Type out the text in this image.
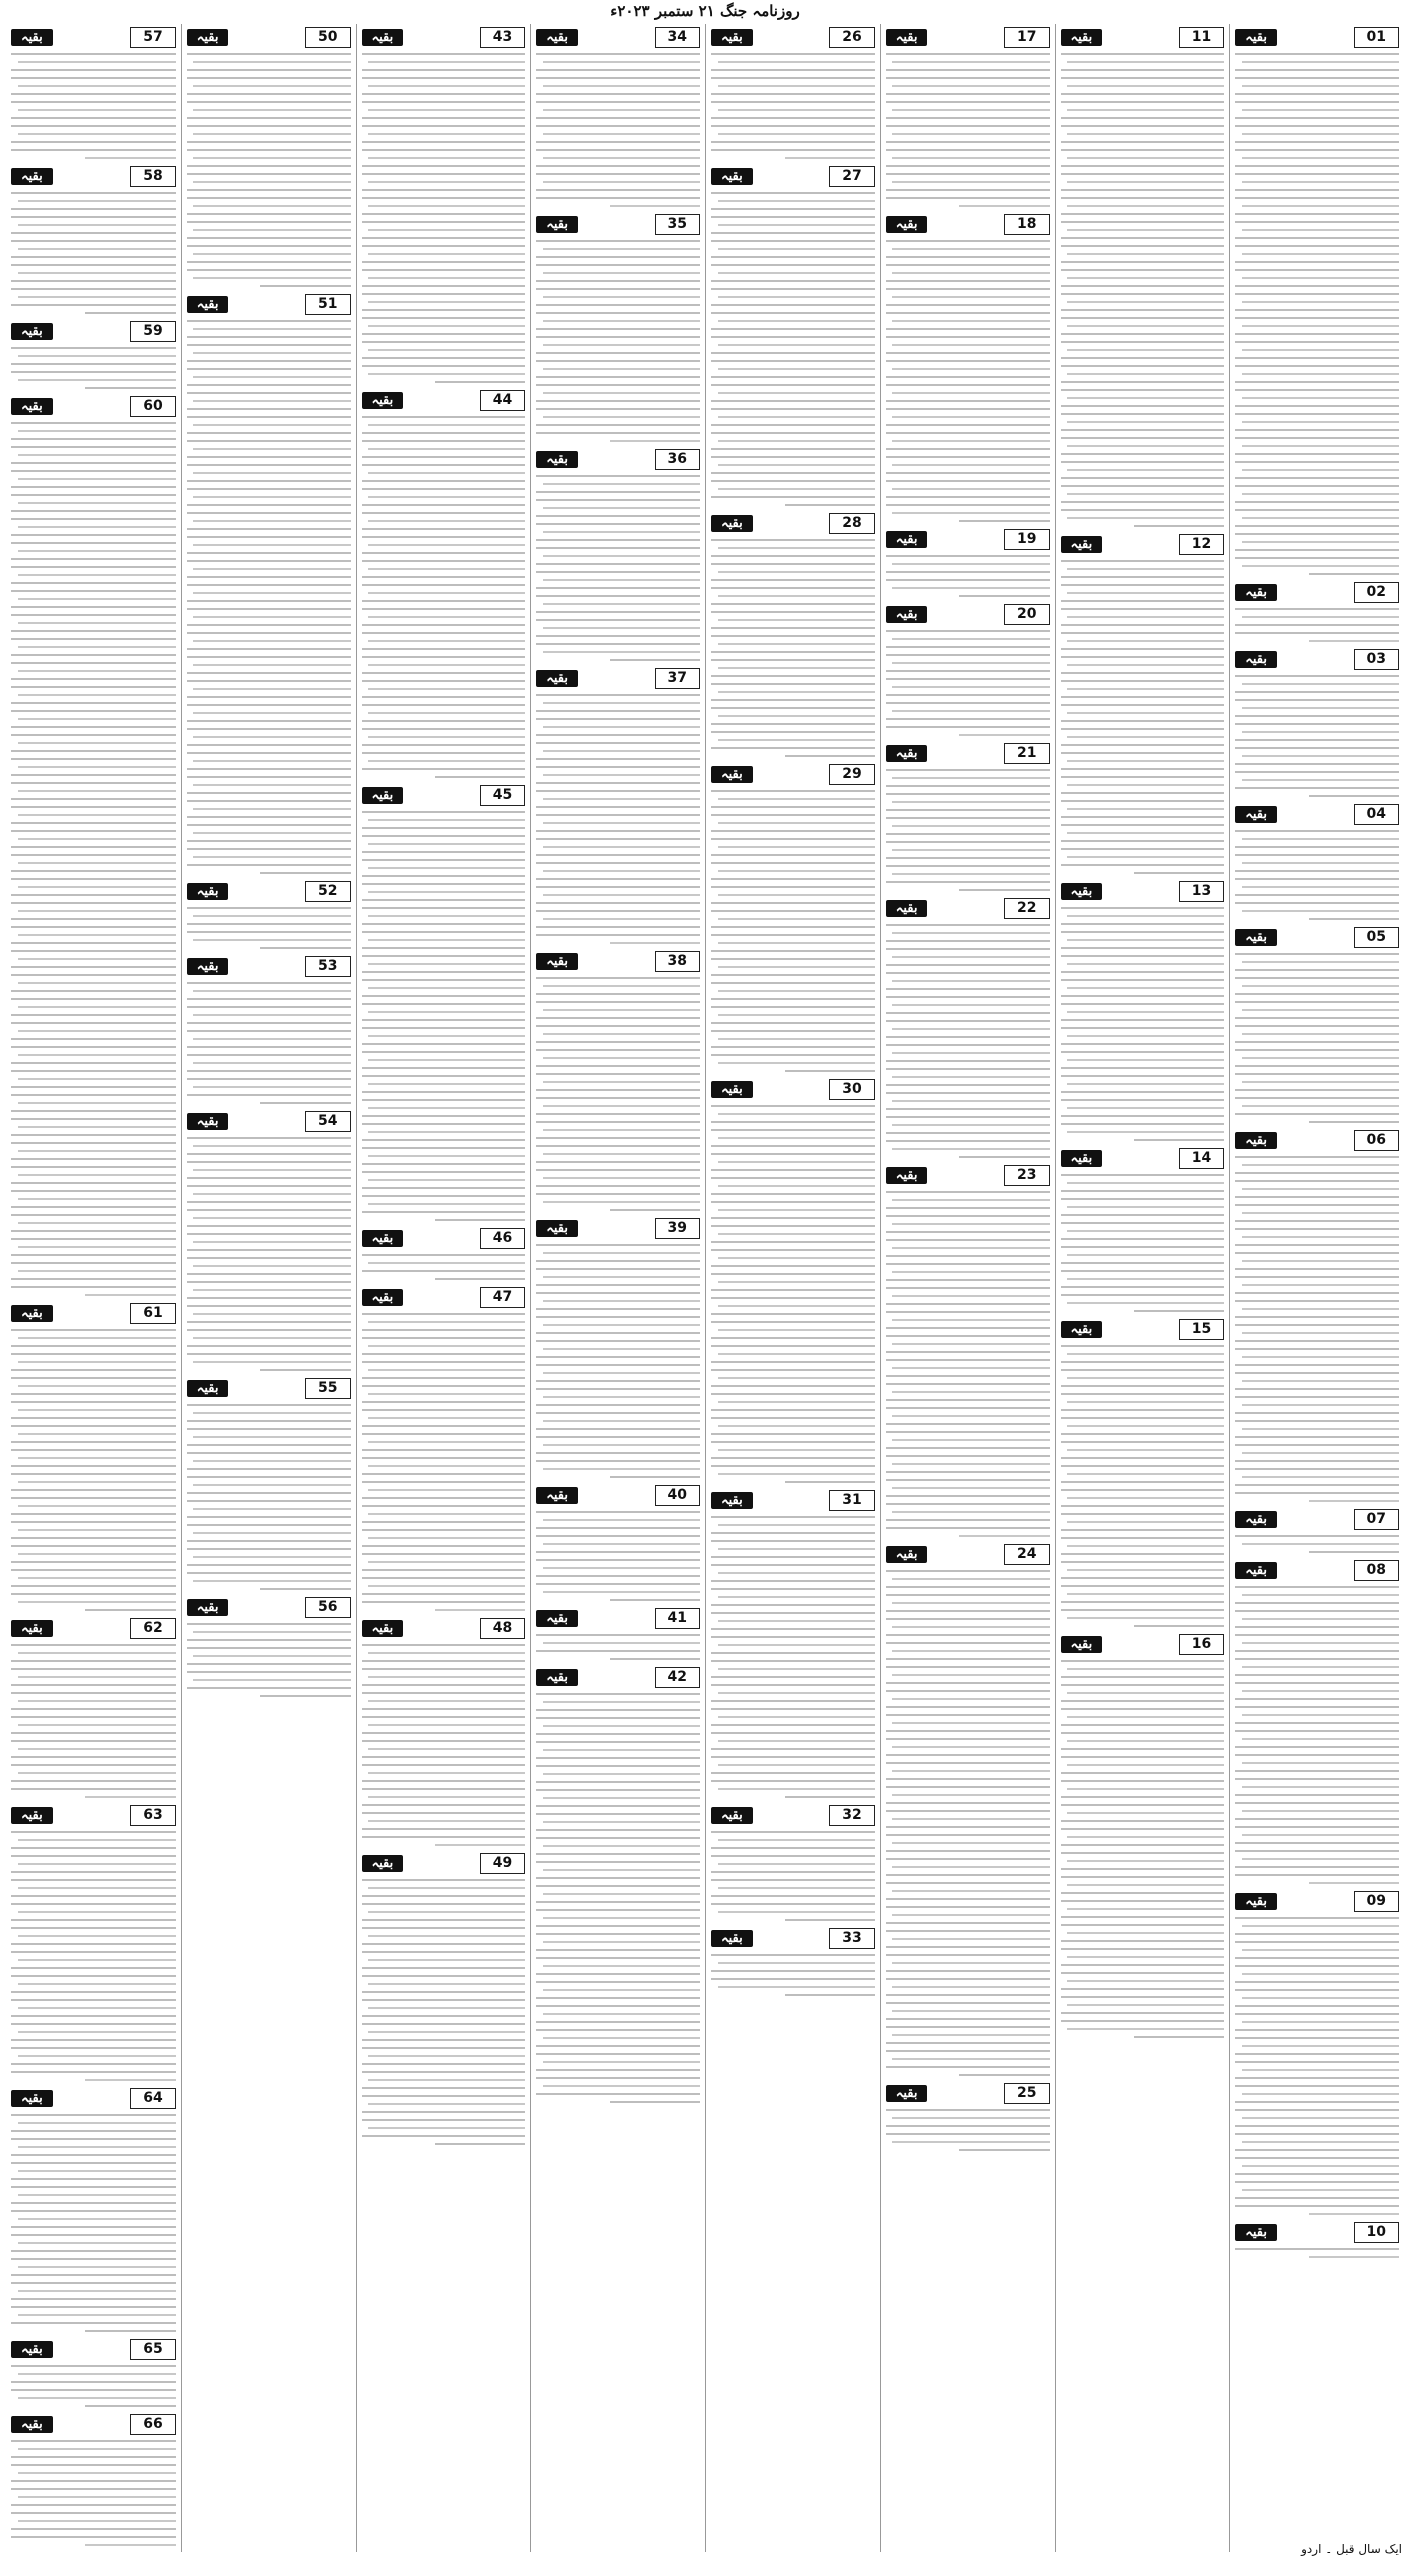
روزنامہ جنگ ۲۱ ستمبر ۲۰۲۳ء
01
بقیہ
02
بقیہ
03
بقیہ
04
بقیہ
05
بقیہ
06
بقیہ
07
بقیہ
08
بقیہ
09
بقیہ
10
بقیہ
11
بقیہ
12
بقیہ
13
بقیہ
14
بقیہ
15
بقیہ
16
بقیہ
17
بقیہ
18
بقیہ
19
بقیہ
20
بقیہ
21
بقیہ
22
بقیہ
23
بقیہ
24
بقیہ
25
بقیہ
26
بقیہ
27
بقیہ
28
بقیہ
29
بقیہ
30
بقیہ
31
بقیہ
32
بقیہ
33
بقیہ
34
بقیہ
35
بقیہ
36
بقیہ
37
بقیہ
38
بقیہ
39
بقیہ
40
بقیہ
41
بقیہ
42
بقیہ
43
بقیہ
44
بقیہ
45
بقیہ
46
بقیہ
47
بقیہ
48
بقیہ
49
بقیہ
50
بقیہ
51
بقیہ
52
بقیہ
53
بقیہ
54
بقیہ
55
بقیہ
56
بقیہ
57
بقیہ
58
بقیہ
59
بقیہ
60
بقیہ
61
بقیہ
62
بقیہ
63
بقیہ
64
بقیہ
65
بقیہ
66
بقیہ
ایک سال قبل ۔ اردو
